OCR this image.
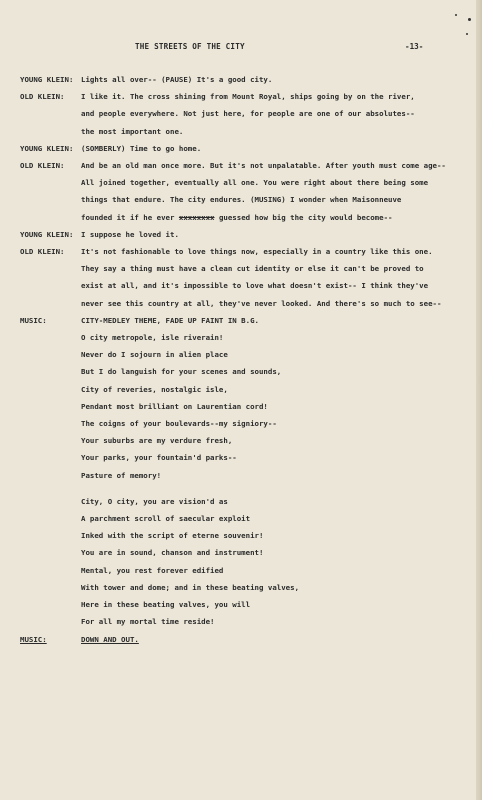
THE STREETS OF THE CITY	-13-
YOUNG KLEIN:	Lights all over-- (PAUSE) It's a good city.
OLD KLEIN:	I like it. The cross shining from Mount Royal, ships going by on the river,
and people everywhere. Not just here, for people are one of our absolutes--
the most important one.
YOUNG KLEIN:	(SOMBERLY) Time to go home.
OLD KLEIN:	And be an old man once more. But it's not unpalatable. After youth must come age--
All joined together, eventually all one. You were right about there being some
things that endure. The city endures. (MUSING) I wonder when Maisonneuve
founded it if he ever xxxxxxxx guessed how big the city would become--
YOUNG KLEIN:	I suppose he loved it.
OLD KLEIN:	It's not fashionable to love things now, especially in a country like this one.
They say a thing must have a clean cut identity or else it can't be proved to
exist at all, and it's impossible to love what doesn't exist-- I think they've
never see this country at all, they've never looked. And there's so much to see--
MUSIC:	CITY-MEDLEY THEME, FADE UP FAINT IN B.G.
O city metropole, isle riverain!
Never do I sojourn in alien place
But I do languish for your scenes and sounds,
City of reveries, nostalgic isle,
Pendant most brilliant on Laurentian cord!
The coigns of your boulevards--my signiory--
Your suburbs are my verdure fresh,
Your parks, your fountain'd parks--
Pasture of memory!
City, O city, you are vision'd as
A parchment scroll of saecular exploit
Inked with the script of eterne souvenir!
You are in sound, chanson and instrument!
Mental, you rest forever edified
With tower and dome; and in these beating valves,
Here in these beating valves, you will
For all my mortal time reside!
MUSIC:	DOWN AND OUT.
